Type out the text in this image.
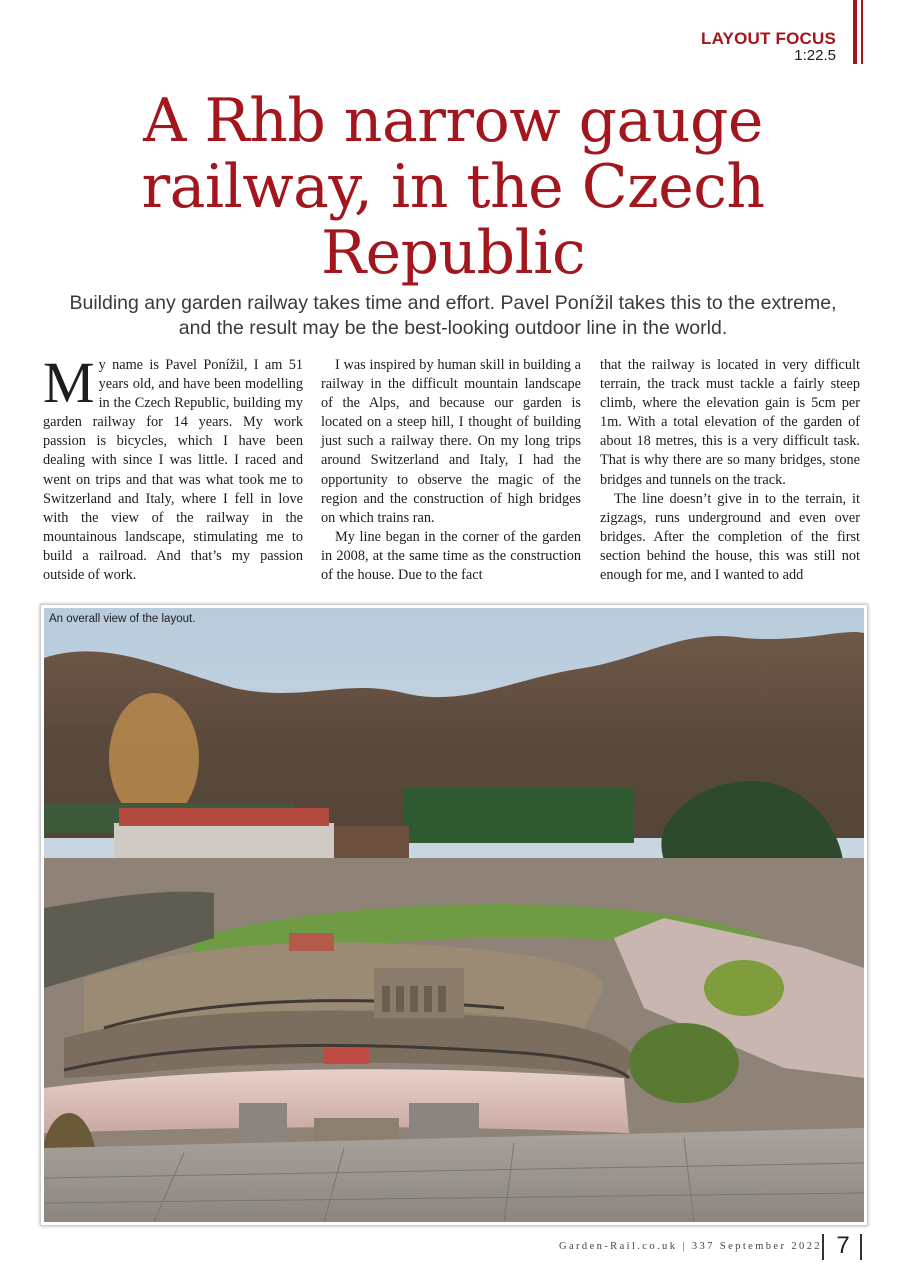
LAYOUT FOCUS
1:22.5
A Rhb narrow gauge railway, in the Czech Republic
Building any garden railway takes time and effort. Pavel Ponížil takes this to the extreme, and the result may be the best-looking outdoor line in the world.

My name is Pavel Ponížil, I am 51 years old, and have been modelling in the Czech Republic, building my garden railway for 14 years. My work passion is bicycles, which I have been dealing with since I was little. I raced and went on trips and that was what took me to Switzerland and Italy, where I fell in love with the view of the railway in the mountainous landscape, stimulating me to build a railroad. And that’s my passion outside of work.

I was inspired by human skill in building a railway in the difficult mountain landscape of the Alps, and because our garden is located on a steep hill, I thought of building just such a railway there. On my long trips around Switzerland and Italy, I had the opportunity to observe the magic of the region and the construction of high bridges on which trains ran.

My line began in the corner of the garden in 2008, at the same time as the construction of the house. Due to the fact

that the railway is located in very difficult terrain, the track must tackle a fairly steep climb, where the elevation gain is 5cm per 1m. With a total elevation of the garden of about 18 metres, this is a very difficult task. That is why there are so many bridges, stone bridges and tunnels on the track.

The line doesn’t give in to the terrain, it zigzags, runs underground and even over bridges. After the completion of the first section behind the house, this was still not enough for me, and I wanted to add

An overall view of the layout.
Garden-Rail.co.uk | 337 September 2022 7
